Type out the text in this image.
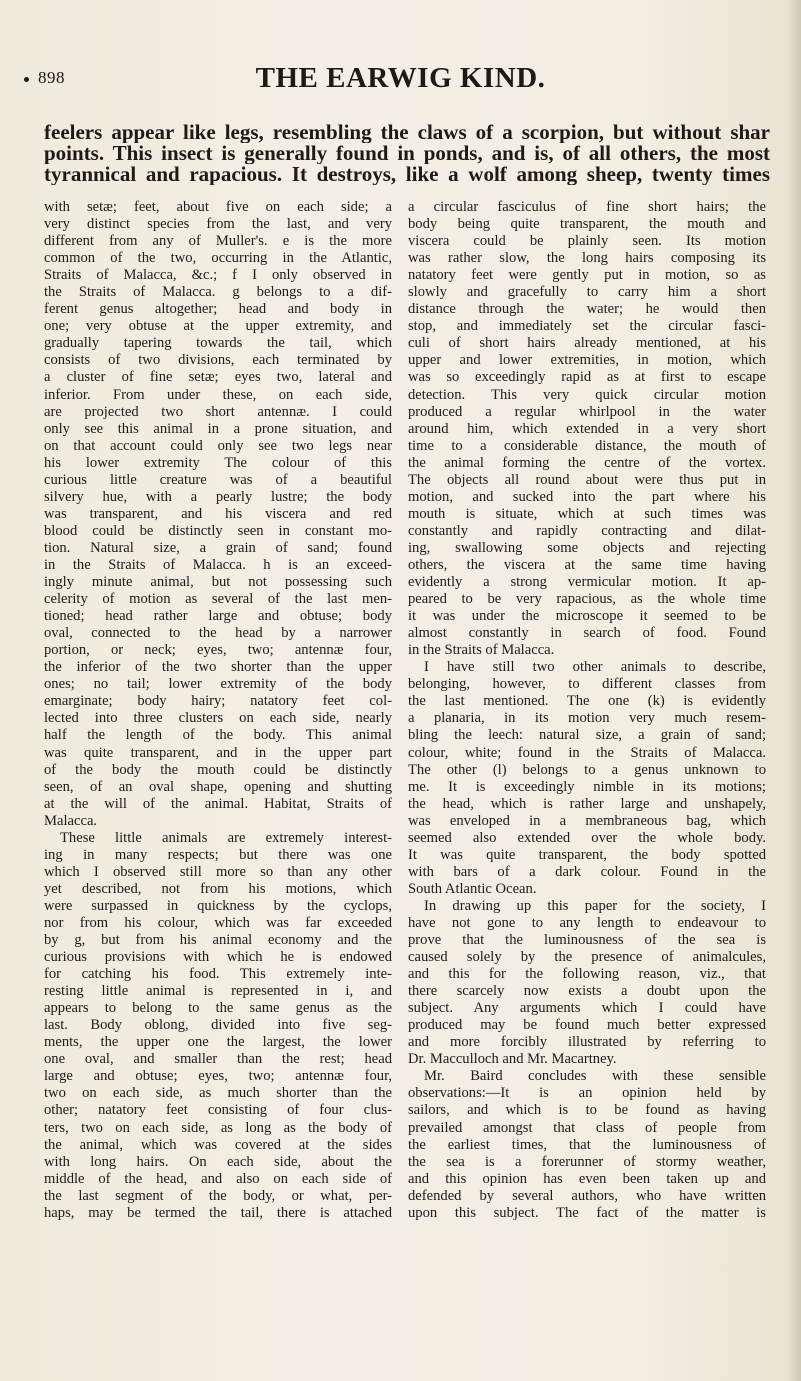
898	THE EARWIG KIND.
feelers appear like legs, resembling the claws of a scorpion, but without shar
points. This insect is generally found in ponds, and is, of all others, the most
tyrannical and rapacious. It destroys, like a wolf among sheep, twenty times
with setæ; feet, about five on each side; a
very distinct species from the last, and very
different from any of Muller's. e is the more
common of the two, occurring in the Atlantic,
Straits of Malacca, &c.; f I only observed in
the Straits of Malacca. g belongs to a dif-
ferent genus altogether; head and body in
one; very obtuse at the upper extremity, and
gradually tapering towards the tail, which
consists of two divisions, each terminated by
a cluster of fine setæ; eyes two, lateral and
inferior. From under these, on each side,
are projected two short antennæ. I could
only see this animal in a prone situation, and
on that account could only see two legs near
his lower extremity The colour of this
curious little creature was of a beautiful
silvery hue, with a pearly lustre; the body
was transparent, and his viscera and red
blood could be distinctly seen in constant mo-
tion. Natural size, a grain of sand; found
in the Straits of Malacca. h is an exceed-
ingly minute animal, but not possessing such
celerity of motion as several of the last men-
tioned; head rather large and obtuse; body
oval, connected to the head by a narrower
portion, or neck; eyes, two; antennæ four,
the inferior of the two shorter than the upper
ones; no tail; lower extremity of the body
emarginate; body hairy; natatory feet col-
lected into three clusters on each side, nearly
half the length of the body. This animal
was quite transparent, and in the upper part
of the body the mouth could be distinctly
seen, of an oval shape, opening and shutting
at the will of the animal. Habitat, Straits of
Malacca.
These little animals are extremely interest-
ing in many respects; but there was one
which I observed still more so than any other
yet described, not from his motions, which
were surpassed in quickness by the cyclops,
nor from his colour, which was far exceeded
by g, but from his animal economy and the
curious provisions with which he is endowed
for catching his food. This extremely inte-
resting little animal is represented in i, and
appears to belong to the same genus as the
last. Body oblong, divided into five seg-
ments, the upper one the largest, the lower
one oval, and smaller than the rest; head
large and obtuse; eyes, two; antennæ four,
two on each side, as much shorter than the
other; natatory feet consisting of four clus-
ters, two on each side, as long as the body of
the animal, which was covered at the sides
with long hairs. On each side, about the
middle of the head, and also on each side of
the last segment of the body, or what, per-
haps, may be termed the tail, there is attached
a circular fasciculus of fine short hairs; the
body being quite transparent, the mouth and
viscera could be plainly seen. Its motion
was rather slow, the long hairs composing its
natatory feet were gently put in motion, so as
slowly and gracefully to carry him a short
distance through the water; he would then
stop, and immediately set the circular fasci-
culi of short hairs already mentioned, at his
upper and lower extremities, in motion, which
was so exceedingly rapid as at first to escape
detection. This very quick circular motion
produced a regular whirlpool in the water
around him, which extended in a very short
time to a considerable distance, the mouth of
the animal forming the centre of the vortex.
The objects all round about were thus put in
motion, and sucked into the part where his
mouth is situate, which at such times was
constantly and rapidly contracting and dilat-
ing, swallowing some objects and rejecting
others, the viscera at the same time having
evidently a strong vermicular motion. It ap-
peared to be very rapacious, as the whole time
it was under the microscope it seemed to be
almost constantly in search of food. Found
in the Straits of Malacca.
I have still two other animals to describe,
belonging, however, to different classes from
the last mentioned. The one (k) is evidently
a planaria, in its motion very much resem-
bling the leech: natural size, a grain of sand;
colour, white; found in the Straits of Malacca.
The other (l) belongs to a genus unknown to
me. It is exceedingly nimble in its motions;
the head, which is rather large and unshapely,
was enveloped in a membraneous bag, which
seemed also extended over the whole body.
It was quite transparent, the body spotted
with bars of a dark colour. Found in the
South Atlantic Ocean.
In drawing up this paper for the society, I
have not gone to any length to endeavour to
prove that the luminousness of the sea is
caused solely by the presence of animalcules,
and this for the following reason, viz., that
there scarcely now exists a doubt upon the
subject. Any arguments which I could have
produced may be found much better expressed
and more forcibly illustrated by referring to
Dr. Macculloch and Mr. Macartney.
Mr. Baird concludes with these sensible
observations:—It is an opinion held by
sailors, and which is to be found as having
prevailed amongst that class of people from
the earliest times, that the luminousness of
the sea is a forerunner of stormy weather,
and this opinion has even been taken up and
defended by several authors, who have written
upon this subject. The fact of the matter is
